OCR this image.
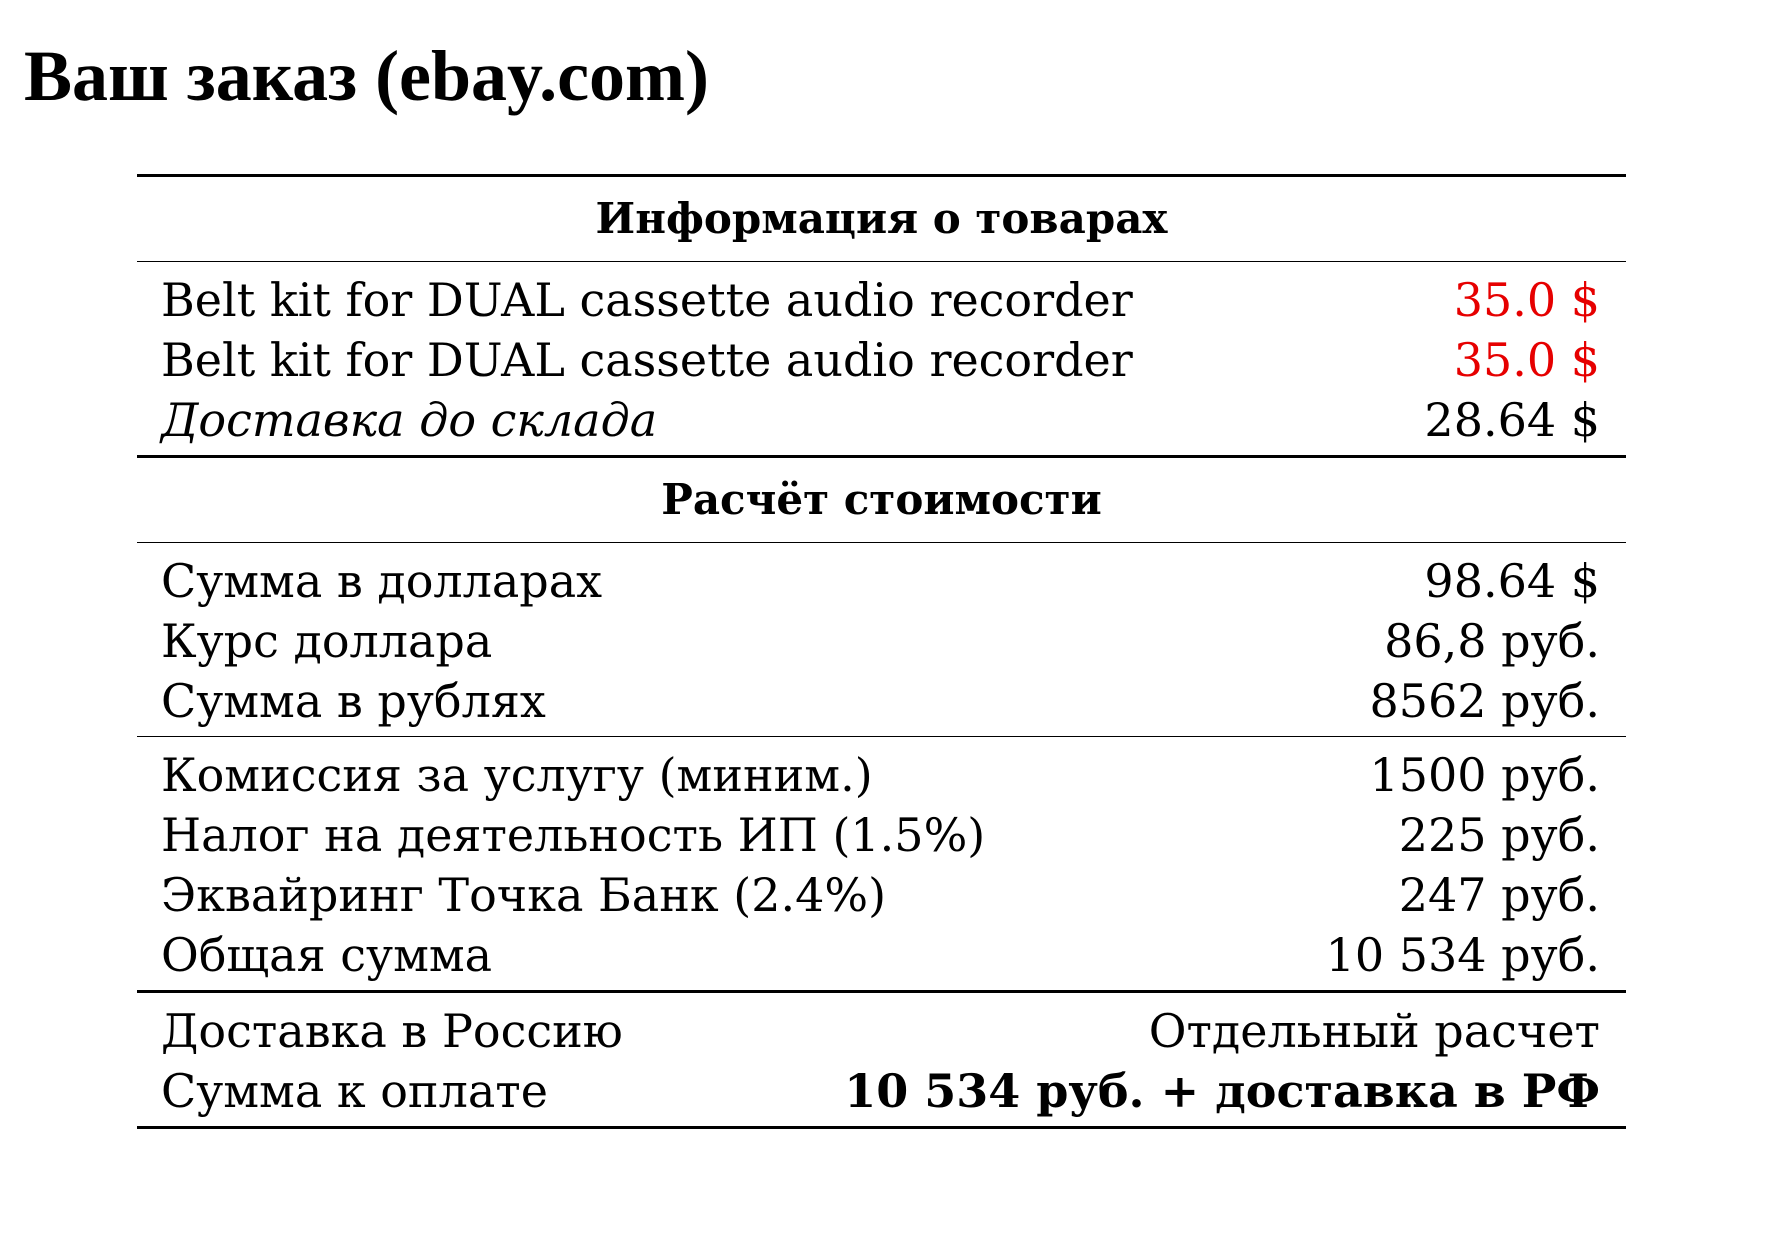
Ваш заказ (ebay.com)
Информация о товарах
Belt kit for DUAL cassette audio recorder	35.0 $
Belt kit for DUAL cassette audio recorder	35.0 $
Доставка до склада	28.64 $
Расчёт стоимости
Сумма в долларах	98.64 $
Курс доллара	86,8 руб.
Сумма в рублях	8562 руб.
Комиссия за услугу (миним.)	1500 руб.
Налог на деятельность ИП (1.5%)	225 руб.
Эквайринг Точка Банк (2.4%)	247 руб.
Общая сумма	10 534 руб.
Доставка в Россию	Отдельный расчет
Сумма к оплате	10 534 руб. + доставка в РФ
